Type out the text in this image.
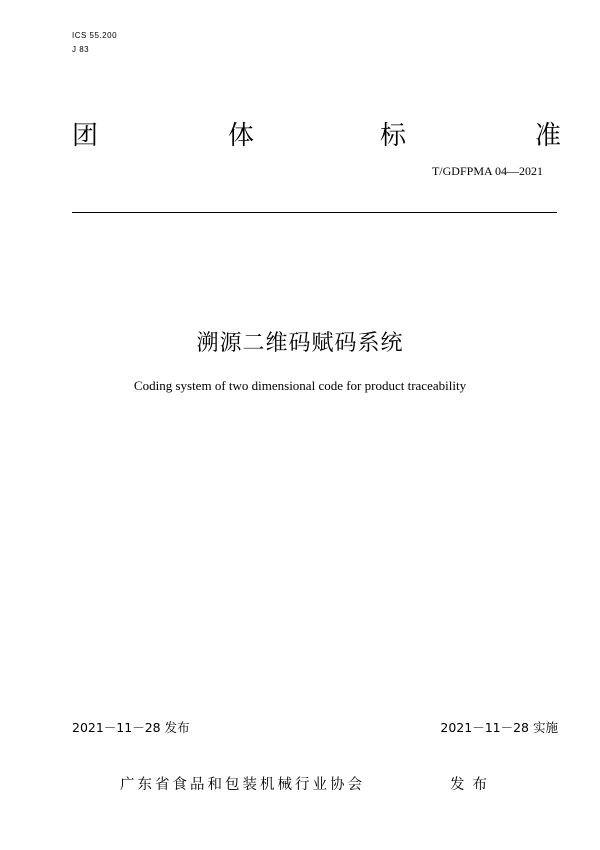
ICS 55.200
J 83
团	体	标	准
T/GDFPMA 04—2021
溯源二维码赋码系统
Coding system of two dimensional code for product traceability
2021－11－28 发布	2021－11－28 实施
广东省食品和包装机械行业协会	发布
